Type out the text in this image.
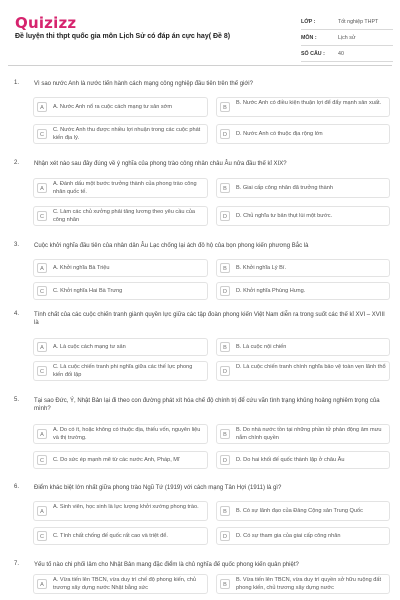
Quizizz
Đề luyện thi thpt quốc gia môn Lịch Sử có đáp án cực hay( Đề 8)
LỚP :	Tốt nghiệp THPT
MÔN :	Lịch sử
SỐ CÂU :	40
1. Vì sao nước Anh là nước tiến hành cách mạng công nghiệp đầu tiên trên thế giới?
A	A. Nước Anh nổ ra cuộc cách mạng tư sản sớm	B
B. Nước Anh có điều kiện thuận lợi để đẩy mạnh sản xuất.
C
C. Nước Anh thu được nhiều lợi nhuận trong các cuộc phát kiến địa lý.	D	D. Nước Anh có thuộc địa rộng lớn
2. Nhận xét nào sau đây đúng về ý nghĩa của phong trào công nhân châu Âu nửa đầu thế kỉ XIX?
A
A. Đánh dấu một bước trưởng thành của phong trào công nhân quốc tế.	B	B. Giai cấp công nhân đã trưởng thành
C
C. Làm các chủ xưởng phải tăng lương theo yêu cầu của công nhân	D	D. Chủ nghĩa tư bản thụt lùi một bước.
3. Cuộc khởi nghĩa đầu tiên của nhân dân Âu Lạc chống lại ách đô hộ của bọn phong kiến phương Bắc là
A	A. Khởi nghĩa Bà Triệu	B	B. Khởi nghĩa Lý Bí.
C	C. Khởi nghĩa Hai Bà Trưng	D	D. Khởi nghĩa Phùng Hưng.
4. Tính chất của các cuộc chiến tranh giành quyền lực giữa các tập đoàn phong kiến Việt Nam diễn ra trong suốt các thế kỉ XVI – XVIII là
A	A. Là cuộc cách mạng tư sản	B	B. Là cuộc nội chiến
C
C. Là cuộc chiến tranh phi nghĩa giữa các thế lực phong kiến đối lập	D
D. Là cuộc chiến tranh chính nghĩa bảo vệ toàn vẹn lãnh thổ
5. Tại sao Đức, Ý, Nhật Bản lại đi theo con đường phát xít hóa chế độ chính trị để cứu vãn tình trạng khủng hoảng nghiêm trọng của mình?
A
A. Do có ít, hoặc không có thuộc địa, thiếu vốn, nguyên liệu và thị trường.	B
B. Do nhà nước tồn tại những phần tử phản động âm mưu nắm chính quyền
C	C. Do sức ép mạnh mẽ từ các nước Anh, Pháp, Mĩ	D	D. Do hai khối đế quốc thành lập ở châu Âu
6. Điểm khác biệt lớn nhất giữa phong trào Ngũ Tứ (1919) với cách mạng Tân Hợi (1911) là gì?
A
A. Sinh viên, học sinh là lực lượng khởi xướng phong trào.
B	B. Có sự lãnh đạo của Đảng Cộng sản Trung Quốc
C	C. Tính chất chống đế quốc rất cao và triệt để.	D	D. Có sự tham gia của giai cấp công nhân
7. Yếu tố nào chi phối lâm cho Nhật Bản mang đặc điểm là chủ nghĩa đế quốc phong kiến quân phiệt?
A
A. Vừa tiến lên TBCN, vừa duy trì chế độ phong kiến, chủ trương xây dựng nước Nhật bằng sức	B
B. Vừa tiến lên TBCN, vừa duy trì quyền sở hữu ruộng đất phong kiến, chủ trương xây dựng nước
